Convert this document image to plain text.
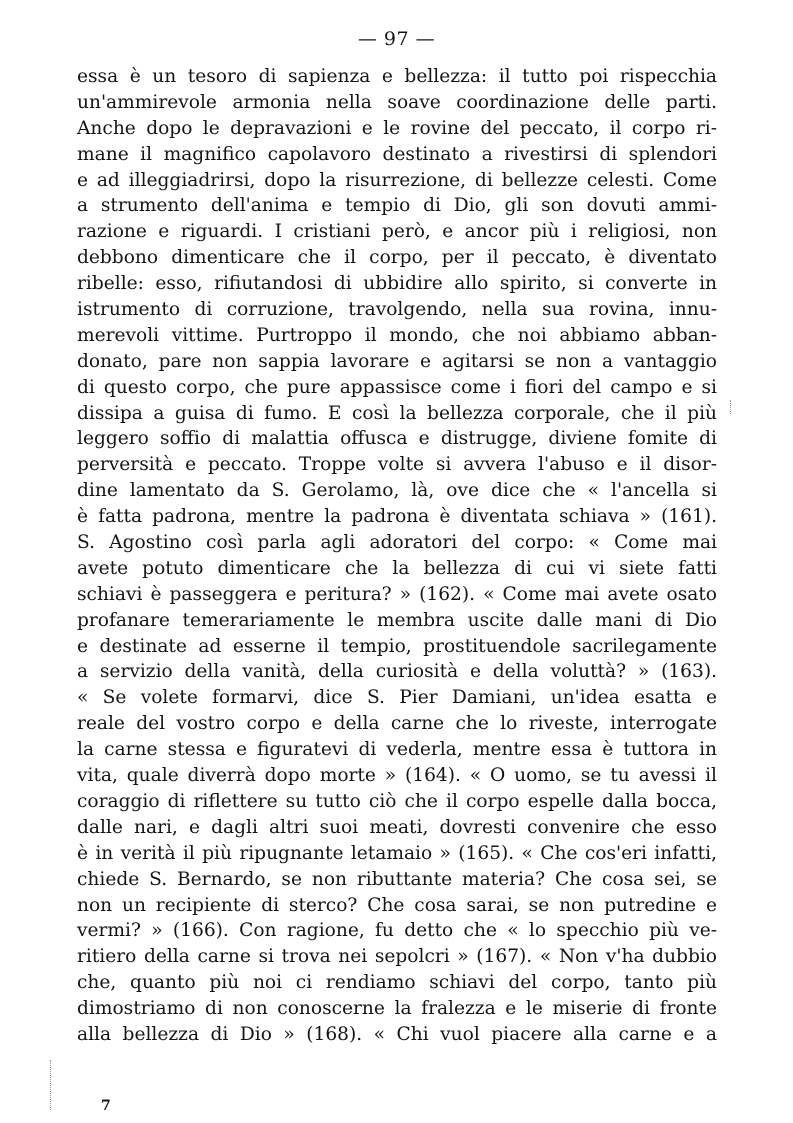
— 97 —
essa è un tesoro di sapienza e bellezza: il tutto poi rispecchia
un'ammirevole armonia nella soave coordinazione delle parti.
Anche dopo le depravazioni e le rovine del peccato, il corpo ri-
mane il magnifico capolavoro destinato a rivestirsi di splendori
e ad illeggiadrirsi, dopo la risurrezione, di bellezze celesti. Come
a strumento dell'anima e tempio di Dio, gli son dovuti ammi-
razione e riguardi. I cristiani però, e ancor più i religiosi, non
debbono dimenticare che il corpo, per il peccato, è diventato
ribelle: esso, rifiutandosi di ubbidire allo spirito, si converte in
istrumento di corruzione, travolgendo, nella sua rovina, innu-
merevoli vittime. Purtroppo il mondo, che noi abbiamo abban-
donato, pare non sappia lavorare e agitarsi se non a vantaggio
di questo corpo, che pure appassisce come i fiori del campo e si
dissipa a guisa di fumo. E così la bellezza corporale, che il più
leggero soffio di malattia offusca e distrugge, diviene fomite di
perversità e peccato. Troppe volte si avvera l'abuso e il disor-
dine lamentato da S. Gerolamo, là, ove dice che « l'ancella si
è fatta padrona, mentre la padrona è diventata schiava » (161).
S. Agostino così parla agli adoratori del corpo: « Come mai
avete potuto dimenticare che la bellezza di cui vi siete fatti
schiavi è passeggera e peritura? » (162). « Come mai avete osato
profanare temerariamente le membra uscite dalle mani di Dio
e destinate ad esserne il tempio, prostituendole sacrilegamente
a servizio della vanità, della curiosità e della voluttà? » (163).
« Se volete formarvi, dice S. Pier Damiani, un'idea esatta e
reale del vostro corpo e della carne che lo riveste, interrogate
la carne stessa e figuratevi di vederla, mentre essa è tuttora in
vita, quale diverrà dopo morte » (164). « O uomo, se tu avessi il
coraggio di riflettere su tutto ciò che il corpo espelle dalla bocca,
dalle nari, e dagli altri suoi meati, dovresti convenire che esso
è in verità il più ripugnante letamaio » (165). « Che cos'eri infatti,
chiede S. Bernardo, se non ributtante materia? Che cosa sei, se
non un recipiente di sterco? Che cosa sarai, se non putredine e
vermi? » (166). Con ragione, fu detto che « lo specchio più ve-
ritiero della carne si trova nei sepolcri » (167). « Non v'ha dubbio
che, quanto più noi ci rendiamo schiavi del corpo, tanto più
dimostriamo di non conoscerne la fralezza e le miserie di fronte
alla bellezza di Dio » (168). « Chi vuol piacere alla carne e a
7
